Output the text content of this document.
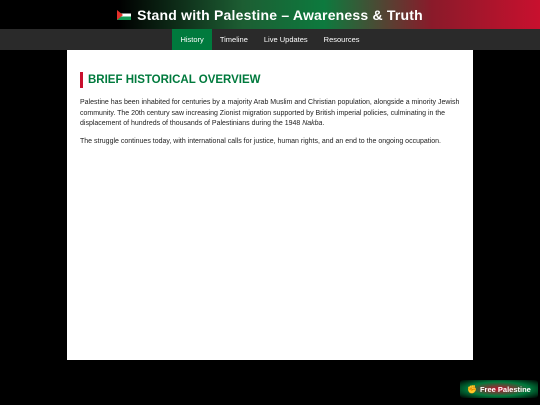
Stand with Palestine – Awareness & Truth
History	Timeline	Live Updates	Resources
BRIEF HISTORICAL OVERVIEW

Palestine has been inhabited for centuries by a majority Arab Muslim and Christian population, alongside a minority Jewish community. The 20th century saw increasing Zionist migration supported by British imperial policies, culminating in the displacement of hundreds of thousands of Palestinians during the 1948 Nakba.

The struggle continues today, with international calls for justice, human rights, and an end to the ongoing occupation.

✊ Free Palestine
